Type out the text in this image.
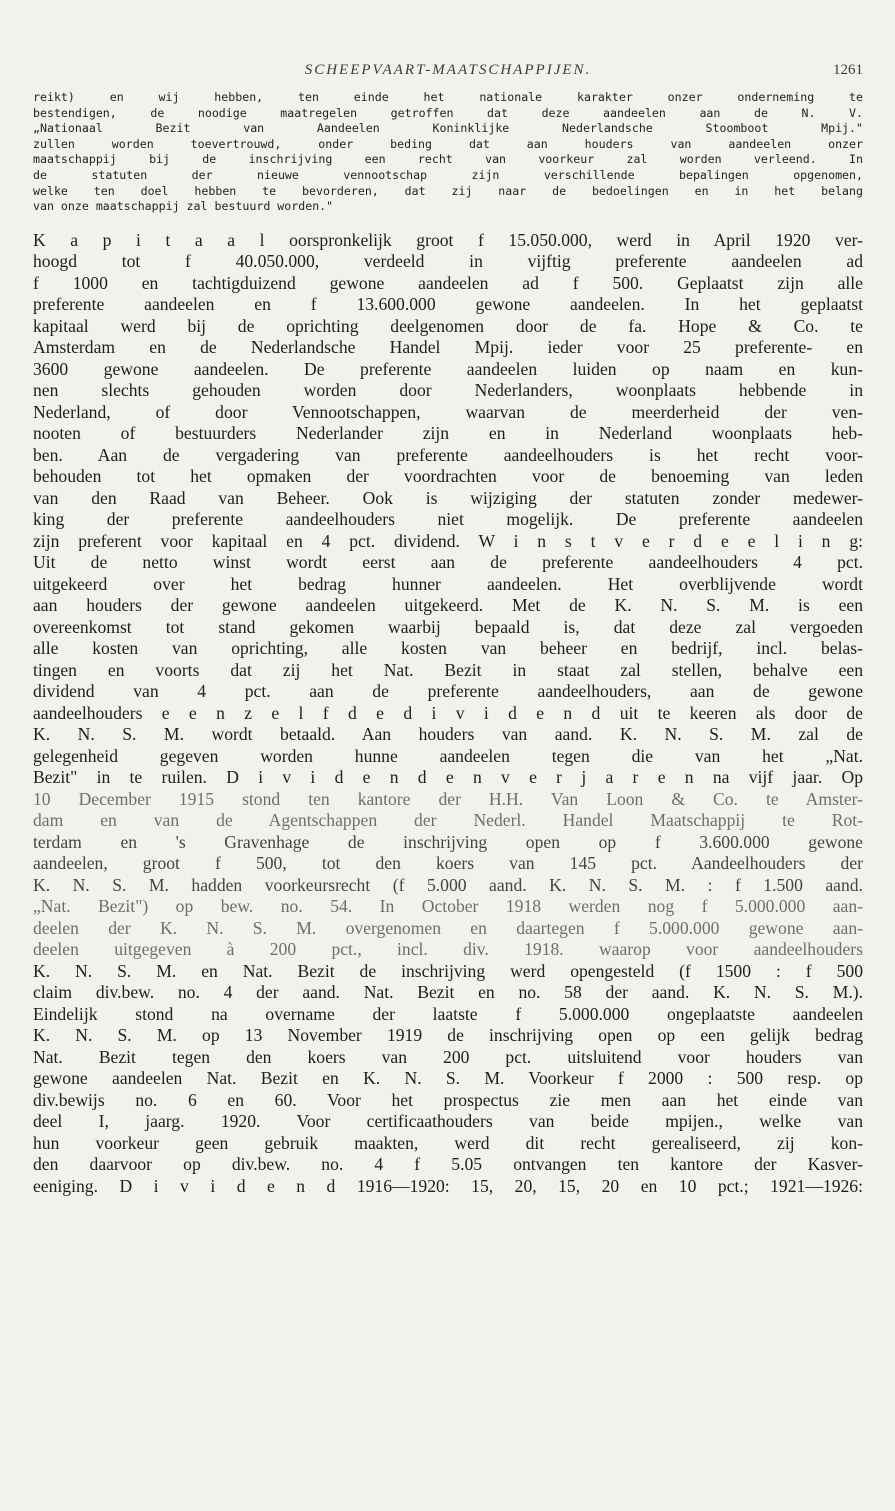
SCHEEPVAART-MAATSCHAPPIJEN.	1261
reikt) en wij hebben, ten einde het nationale karakter onzer onderneming te
bestendigen, de noodige maatregelen getroffen dat deze aandeelen aan de N. V.
„Nationaal Bezit van Aandeelen Koninklijke Nederlandsche Stoomboot Mpij."
zullen worden toevertrouwd, onder beding dat aan houders van aandeelen onzer
maatschappij bij de inschrijving een recht van voorkeur zal worden verleend. In
de statuten der nieuwe vennootschap zijn verschillende bepalingen opgenomen,
welke ten doel hebben te bevorderen, dat zij naar de bedoelingen en in het belang
van onze maatschappij zal bestuurd worden."
K a p i t a a l oorspronkelijk groot f 15.050.000, werd in April 1920 ver-
hoogd tot f 40.050.000, verdeeld in vijftig preferente aandeelen ad
f 1000 en tachtigduizend gewone aandeelen ad f 500. Geplaatst zijn alle
preferente aandeelen en f 13.600.000 gewone aandeelen. In het geplaatst
kapitaal werd bij de oprichting deelgenomen door de fa. Hope & Co. te
Amsterdam en de Nederlandsche Handel Mpij. ieder voor 25 preferente- en
3600 gewone aandeelen. De preferente aandeelen luiden op naam en kun-
nen slechts gehouden worden door Nederlanders, woonplaats hebbende in
Nederland, of door Vennootschappen, waarvan de meerderheid der ven-
nooten of bestuurders Nederlander zijn en in Nederland woonplaats heb-
ben. Aan de vergadering van preferente aandeelhouders is het recht voor-
behouden tot het opmaken der voordrachten voor de benoeming van leden
van den Raad van Beheer. Ook is wijziging der statuten zonder medewer-
king der preferente aandeelhouders niet mogelijk. De preferente aandeelen
zijn preferent voor kapitaal en 4 pct. dividend. W i n s t v e r d e e l i n g:
Uit de netto winst wordt eerst aan de preferente aandeelhouders 4 pct.
uitgekeerd over het bedrag hunner aandeelen. Het overblijvende wordt
aan houders der gewone aandeelen uitgekeerd. Met de K. N. S. M. is een
overeenkomst tot stand gekomen waarbij bepaald is, dat deze zal vergoeden
alle kosten van oprichting, alle kosten van beheer en bedrijf, incl. belas-
tingen en voorts dat zij het Nat. Bezit in staat zal stellen, behalve een
dividend van 4 pct. aan de preferente aandeelhouders, aan de gewone
aandeelhouders e e n z e l f d e d i v i d e n d uit te keeren als door de
K. N. S. M. wordt betaald. Aan houders van aand. K. N. S. M. zal de
gelegenheid gegeven worden hunne aandeelen tegen die van het „Nat.
Bezit" in te ruilen. D i v i d e n d e n v e r j a r e n na vijf jaar. Op
10 December 1915 stond ten kantore der H.H. Van Loon & Co. te Amster-
dam en van de Agentschappen der Nederl. Handel Maatschappij te Rot-
terdam en 's Gravenhage de inschrijving open op f 3.600.000 gewone
aandeelen, groot f 500, tot den koers van 145 pct. Aandeelhouders der
K. N. S. M. hadden voorkeursrecht (f 5.000 aand. K. N. S. M. : f 1.500 aand.
„Nat. Bezit") op bew. no. 54. In October 1918 werden nog f 5.000.000 aan-
deelen der K. N. S. M. overgenomen en daartegen f 5.000.000 gewone aan-
deelen uitgegeven à 200 pct., incl. div. 1918. waarop voor aandeelhouders
K. N. S. M. en Nat. Bezit de inschrijving werd opengesteld (f 1500 : f 500
claim div.bew. no. 4 der aand. Nat. Bezit en no. 58 der aand. K. N. S. M.).
Eindelijk stond na overname der laatste f 5.000.000 ongeplaatste aandeelen
K. N. S. M. op 13 November 1919 de inschrijving open op een gelijk bedrag
Nat. Bezit tegen den koers van 200 pct. uitsluitend voor houders van
gewone aandeelen Nat. Bezit en K. N. S. M. Voorkeur f 2000 : 500 resp. op
div.bewijs no. 6 en 60. Voor het prospectus zie men aan het einde van
deel I, jaarg. 1920. Voor certificaathouders van beide mpijen., welke van
hun voorkeur geen gebruik maakten, werd dit recht gerealiseerd, zij kon-
den daarvoor op div.bew. no. 4 f 5.05 ontvangen ten kantore der Kasver-
eeniging. D i v i d e n d 1916—1920: 15, 20, 15, 20 en 10 pct.; 1921—1926:
